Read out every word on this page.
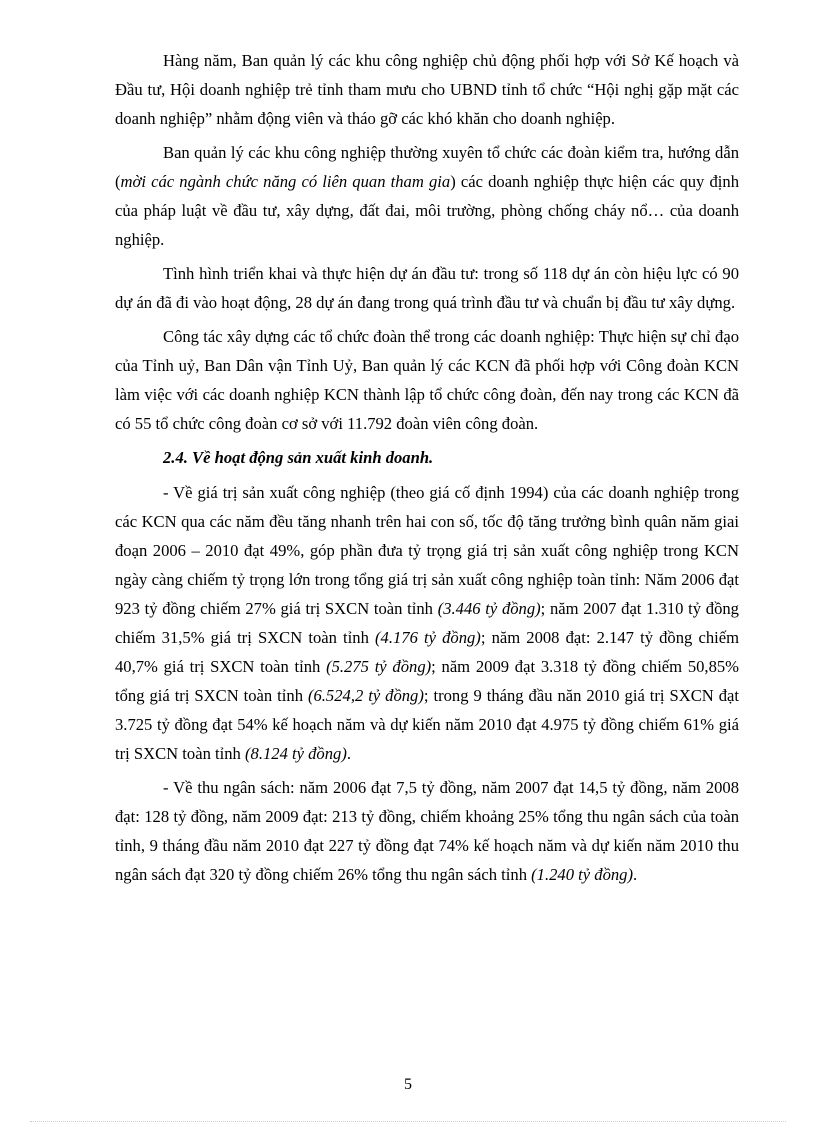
Hàng năm, Ban quản lý các khu công nghiệp chủ động phối hợp với Sở Kế hoạch và Đầu tư, Hội doanh nghiệp trẻ tỉnh tham mưu cho UBND tỉnh tổ chức “Hội nghị gặp mặt các doanh nghiệp” nhằm động viên và tháo gỡ các khó khăn cho doanh nghiệp.

Ban quản lý các khu công nghiệp thường xuyên tổ chức các đoàn kiểm tra, hướng dẫn (mời các ngành chức năng có liên quan tham gia) các doanh nghiệp thực hiện các quy định của pháp luật về đầu tư, xây dựng, đất đai, môi trường, phòng chống cháy nổ… của doanh nghiệp.

Tình hình triển khai và thực hiện dự án đầu tư: trong số 118 dự án còn hiệu lực có 90 dự án đã đi vào hoạt động, 28 dự án đang trong quá trình đầu tư và chuẩn bị đầu tư xây dựng.

Công tác xây dựng các tổ chức đoàn thể trong các doanh nghiệp: Thực hiện sự chỉ đạo của Tỉnh uỷ, Ban Dân vận Tỉnh Uỷ, Ban quản lý các KCN đã phối hợp với Công đoàn KCN làm việc với các doanh nghiệp KCN thành lập tổ chức công đoàn, đến nay trong các KCN đã có 55 tổ chức công đoàn cơ sở với 11.792 đoàn viên công đoàn.

2.4. Về hoạt động sản xuất kinh doanh.

- Về giá trị sản xuất công nghiệp (theo giá cố định 1994) của các doanh nghiệp trong các KCN qua các năm đều tăng nhanh trên hai con số, tốc độ tăng trưởng bình quân năm giai đoạn 2006 – 2010 đạt 49%, góp phần đưa tỷ trọng giá trị sản xuất công nghiệp trong KCN ngày càng chiếm tỷ trọng lớn trong tổng giá trị sản xuất công nghiệp toàn tỉnh: Năm 2006 đạt 923 tỷ đồng chiếm 27% giá trị SXCN toàn tỉnh (3.446 tỷ đồng); năm 2007 đạt 1.310 tỷ đồng chiếm 31,5% giá trị SXCN toàn tỉnh (4.176 tỷ đồng); năm 2008 đạt: 2.147 tỷ đồng chiếm 40,7% giá trị SXCN toàn tỉnh (5.275 tỷ đồng); năm 2009 đạt 3.318 tỷ đồng chiếm 50,85% tổng giá trị SXCN toàn tỉnh (6.524,2 tỷ đồng); trong 9 tháng đầu năn 2010 giá trị SXCN đạt 3.725 tỷ đồng đạt 54% kế hoạch năm và dự kiến năm 2010 đạt 4.975 tỷ đồng chiếm 61% giá trị SXCN toàn tỉnh (8.124 tỷ đồng).

- Về thu ngân sách: năm 2006 đạt 7,5 tỷ đồng, năm 2007 đạt 14,5 tỷ đồng, năm 2008 đạt: 128 tỷ đồng, năm 2009 đạt: 213 tỷ đồng, chiếm khoảng 25% tổng thu ngân sách của toàn tỉnh, 9 tháng đầu năm 2010 đạt 227 tỷ đồng đạt 74% kế hoạch năm và dự kiến năm 2010 thu ngân sách đạt 320 tỷ đồng chiếm 26% tổng thu ngân sách tỉnh (1.240 tỷ đồng).

5
